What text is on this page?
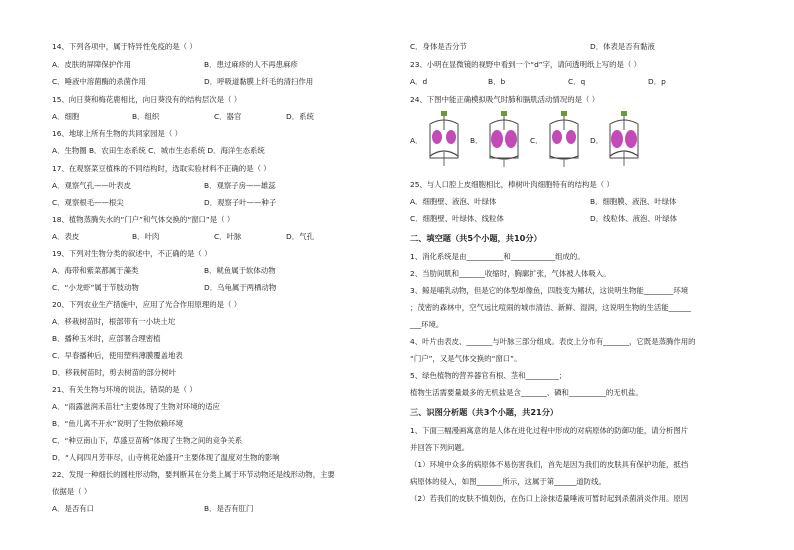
14、下列各项中，属于特异性免疫的是（ ）
A．皮肤的屏障保护作用	B．患过麻疹的人不再患麻疹
C．唾液中溶菌酶的杀菌作用	D．呼吸道黏膜上纤毛的清扫作用
15、向日葵和梅花鹿相比，向日葵没有的结构层次是（ ）
A．细胞	B．组织	C．器官	D．系统
16、地球上所有生物的共同家园是（ ）
A．生物圈 B．农田生态系统 C．城市生态系统 D．海洋生态系统
17、在观察菜豆植株的不同结构时，选取实验材料不正确的是（ ）
A．观察气孔——叶表皮	B．观察子房——雄蕊
C．观察根毛——根尖	D．观察子叶——种子
18、植物蒸腾失水的“门户”和气体交换的“窗口”是（ ）
A．表皮	B．叶肉	C．叶脉	D．气孔
19、下列对生物分类的叙述中，不正确的是（ ）
A．海带和紫菜都属于藻类	B．鱿鱼属于软体动物
C．“小龙虾”属于节肢动物	D．乌龟属于两栖动物
20、下列农业生产措施中，应用了光合作用原理的是（ ）
A．移栽树苗时，根部带有一小块土坨
B．播种玉米时，应部署合理密植
C．早春播种后，使用塑料薄膜覆盖地表
D．移栽树苗时，剪去树苗的部分树叶
21、有关生物与环境的说法，错误的是（ ）
A．“雨露滋润禾苗壮”主要体现了生物对环境的适应
B．“鱼儿离不开水”说明了生物依赖环境
C．“种豆南山下，草盛豆苗稀”体现了生物之间的竞争关系
D．“人间四月芳菲尽，山寺桃花始盛开”主要体现了温度对生物的影响
22、发现一种细长的圆柱形动物，要判断其在分类上属于环节动物还是线形动物，主要
依据是（ ）
A．是否有口	B．是否有肛门
C．身体是否分节	D．体表是否有黏液
23、小明在显微镜的视野中看到一个“d”字，请问透明纸上写的是（ ）
A．d	B．b	C．q	D．p
24、下图中能正确模拟吸气时肺和膈肌活动情况的是（ ）
A．	B．	C．	D．
25、与人口腔上皮细胞相比，棒树叶肉细胞特有的结构是（ ）
A．细胞壁、液泡、叶绿体	B．细胞膜、液泡、叶绿体
C．细胞壁、叶绿体、线粒体	D．线粒体、液泡、叶绿体
二、填空题（共5个小题，共10分）
1、消化系统是由__________和____________组成的。
2、当肋间肌和_______收缩时，胸廓扩张，气体被人体吸入。
3、鲸是哺乳动物，但是它的体型却像鱼，四肢变为鳍状，这说明生物能________环境
；茂密的森林中，空气远比喧闹的城市清洁、新鲜、湿润，这说明生物的生活能______
___环境。
4、叶片由表皮、_______与叶脉三部分组成。表皮上分布有_______，它既是蒸腾作用的
“门户”，又是气体交换的“窗口”。
5、绿色植物的营养器官有根、茎和_________；
植物生活需要量最多的无机盐是含_______、磷和__________的无机盐。
三、识图分析题（共3个小题，共21分）
1、下面三幅漫画寓意的是人体在进化过程中形成的对病原体的防御功能，请分析图片
并回答下列问题。
（1）环境中众多的病原体不易伤害我们，首先是因为我们的皮肤具有保护功能，抵挡
病原体的侵入，如图_______所示，这属于第______道防线。
（2）若我们的皮肤不慎划伤，在伤口上涂抹适量唾液可暂时起到杀菌消炎作用。原因
